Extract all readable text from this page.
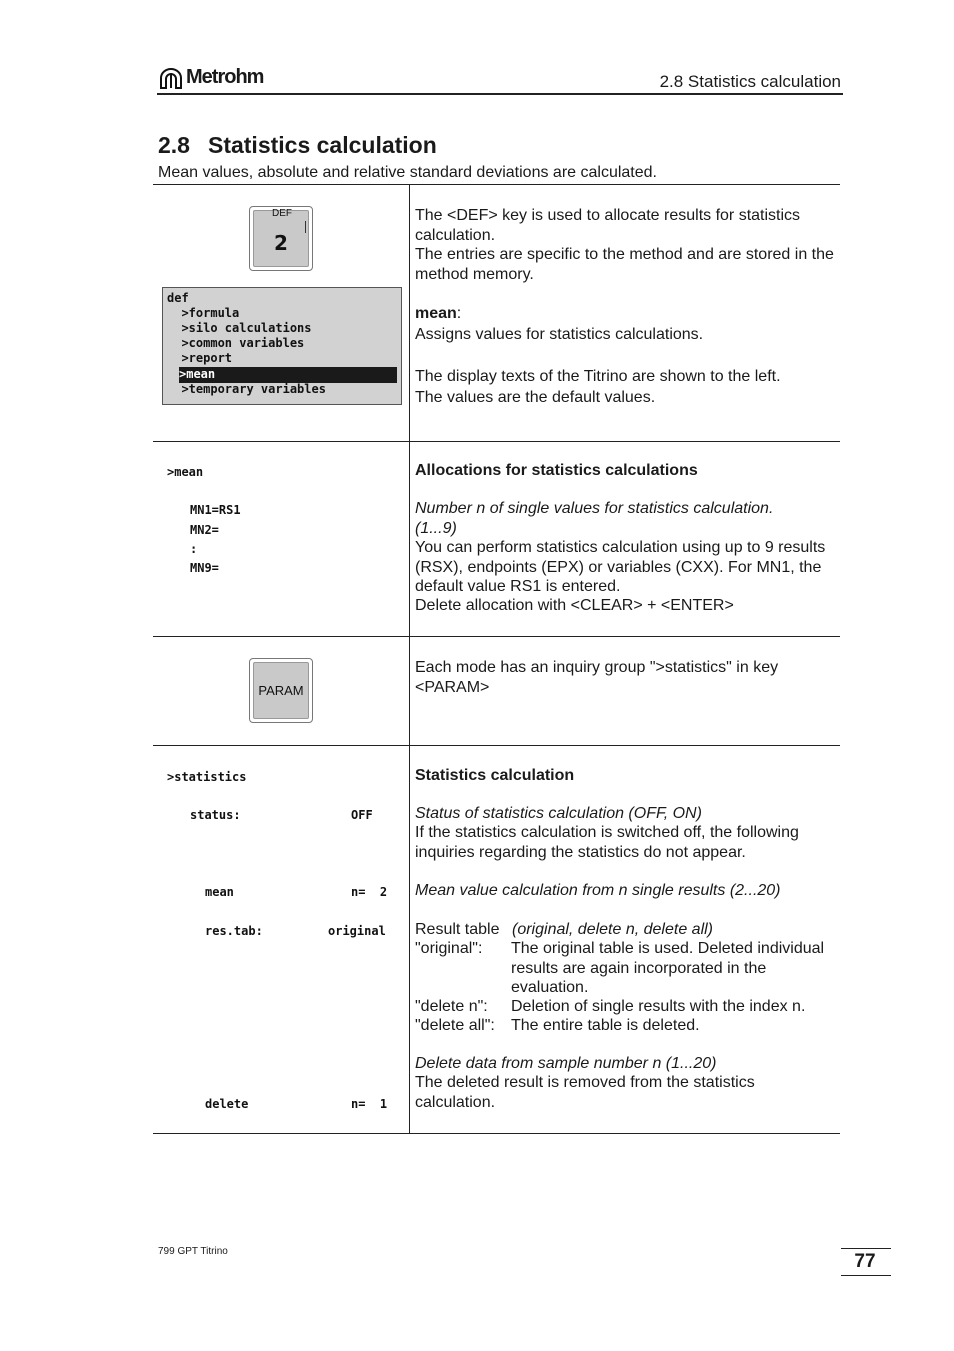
Metrohm	2.8 Statistics calculation
2.8 Statistics calculation
Mean values, absolute and relative standard deviations are calculated.
DEF
2
def
>formula
>silo calculations
>common variables
>report
>mean
>temporary variables
The <DEF> key is used to allocate results for statistics calculation.
The entries are specific to the method and are stored in the method memory.
mean:
Assigns values for statistics calculations.
The display texts of the Titrino are shown to the left.
The values are the default values.
>mean
MN1=RS1
MN2=
:
MN9=
Allocations for statistics calculations
Number n of single values for statistics calculation. (1...9)
You can perform statistics calculation using up to 9 results (RSX), endpoints (EPX) or variables (CXX). For MN1, the default value RS1 is entered.
Delete allocation with <CLEAR> + <ENTER>
PARAM
Each mode has an inquiry group ">statistics" in key <PARAM>
>statistics
status:	OFF
mean	n=  2
res.tab:	original
delete	n=  1
Statistics calculation
Status of statistics calculation (OFF, ON)
If the statistics calculation is switched off, the following inquiries regarding the statistics do not appear.
Mean value calculation from n single results (2...20)
Result table (original, delete n, delete all)
"original": The original table is used. Deleted individual results are again incorporated in the evaluation.
"delete n": Deletion of single results with the index n.
"delete all": The entire table is deleted.
Delete data from sample number n (1...20)
The deleted result is removed from the statistics calculation.
799 GPT Titrino	77
